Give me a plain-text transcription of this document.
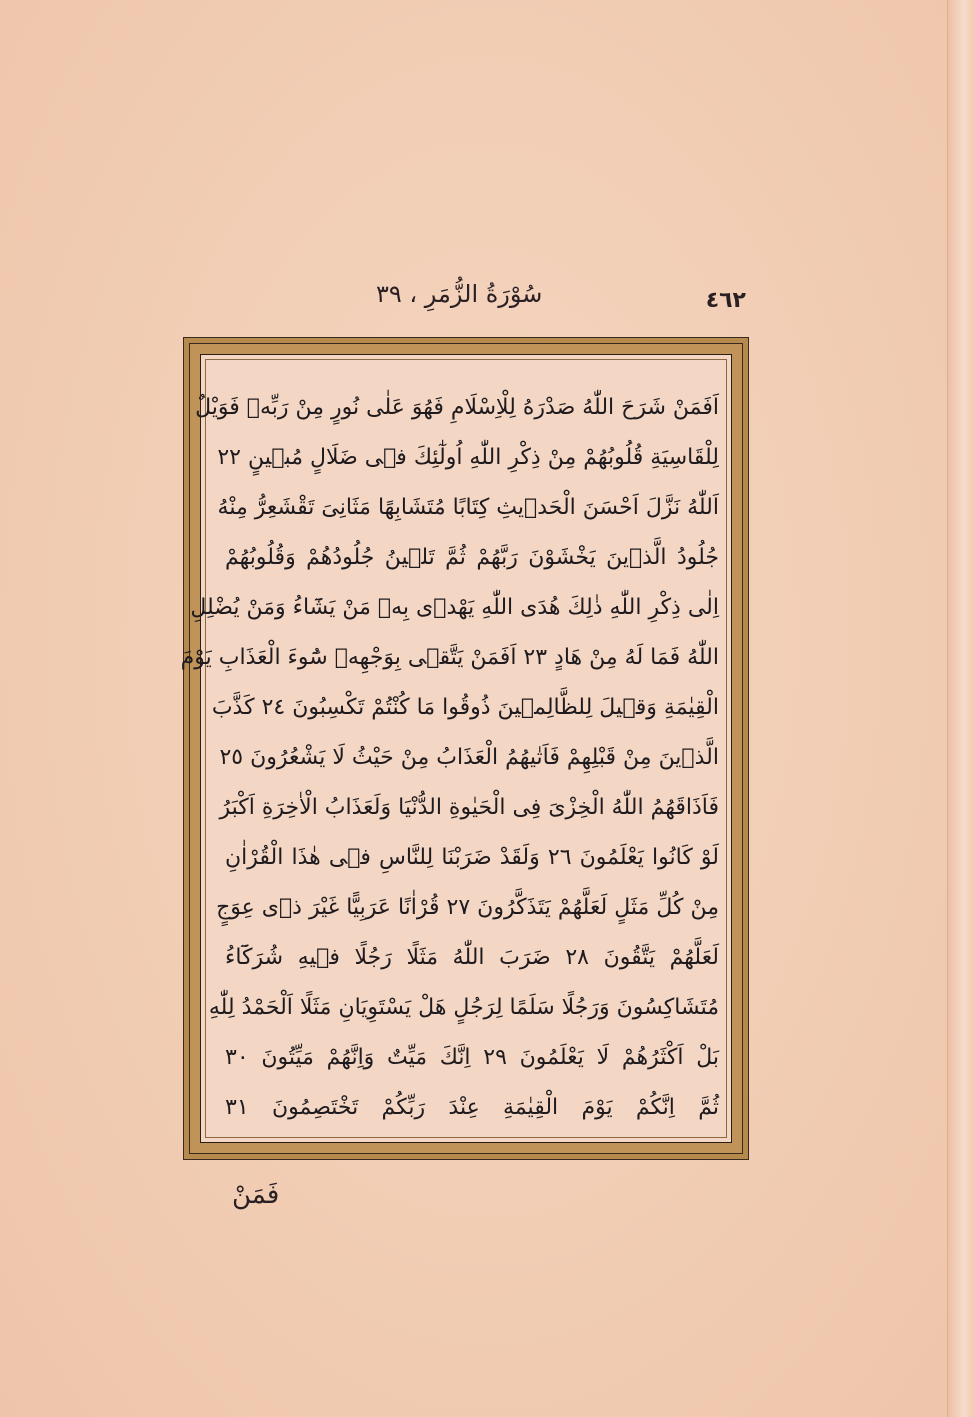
سُوْرَةُ الزُّمَرِ ، ٣٩	٤٦٢
اَفَمَنْ شَرَحَ اللّٰهُ صَدْرَهُ لِلْاِسْلَامِ فَهُوَ عَلٰى نُورٍ مِنْ رَبِّهٖ فَوَيْلٌ
لِلْقَاسِيَةِ قُلُوبُهُمْ مِنْ ذِكْرِ اللّٰهِ اُولٰٓئِكَ فٖى ضَلَالٍ مُبٖينٍ ٢٢
اَللّٰهُ نَزَّلَ اَحْسَنَ الْحَدٖيثِ كِتَابًا مُتَشَابِهًا مَثَانِىَ تَقْشَعِرُّ مِنْهُ
جُلُودُ الَّذٖينَ يَخْشَوْنَ رَبَّهُمْ ثُمَّ تَلٖينُ جُلُودُهُمْ وَقُلُوبُهُمْ
اِلٰى ذِكْرِ اللّٰهِ ذٰلِكَ هُدَى اللّٰهِ يَهْدٖى بِهٖ مَنْ يَشَٓاءُ وَمَنْ يُضْلِلِ
اللّٰهُ فَمَا لَهُ مِنْ هَادٍ ٢٣ اَفَمَنْ يَتَّقٖى بِوَجْهِهٖ سُٓوءَ الْعَذَابِ يَوْمَ
الْقِيٰمَةِ وَقٖيلَ لِلظَّالِمٖينَ ذُوقُوا مَا كُنْتُمْ تَكْسِبُونَ ٢٤ كَذَّبَ
الَّذٖينَ مِنْ قَبْلِهِمْ فَاَتٰيهُمُ الْعَذَابُ مِنْ حَيْثُ لَا يَشْعُرُونَ ٢٥
فَاَذَاقَهُمُ اللّٰهُ الْخِزْىَ فِى الْحَيٰوةِ الدُّنْيَا وَلَعَذَابُ الْاٰخِرَةِ اَكْبَرُ
لَوْ كَانُوا يَعْلَمُونَ ٢٦ وَلَقَدْ ضَرَبْنَا لِلنَّاسِ فٖى هٰذَا الْقُرْاٰنِ
مِنْ كُلِّ مَثَلٍ لَعَلَّهُمْ يَتَذَكَّرُونَ ٢٧ قُرْاٰنًا عَرَبِيًّا غَيْرَ ذٖى عِوَجٍ
لَعَلَّهُمْ يَتَّقُونَ ٢٨ ضَرَبَ اللّٰهُ مَثَلًا رَجُلًا فٖيهِ شُرَكَٓاءُ
مُتَشَاكِسُونَ وَرَجُلًا سَلَمًا لِرَجُلٍ هَلْ يَسْتَوِيَانِ مَثَلًا اَلْحَمْدُ لِلّٰهِ
بَلْ اَكْثَرُهُمْ لَا يَعْلَمُونَ ٢٩ اِنَّكَ مَيِّتٌ وَاِنَّهُمْ مَيِّتُونَ ٣٠
ثُمَّ اِنَّكُمْ يَوْمَ الْقِيٰمَةِ عِنْدَ رَبِّكُمْ تَخْتَصِمُونَ ٣١
فَمَنْ
